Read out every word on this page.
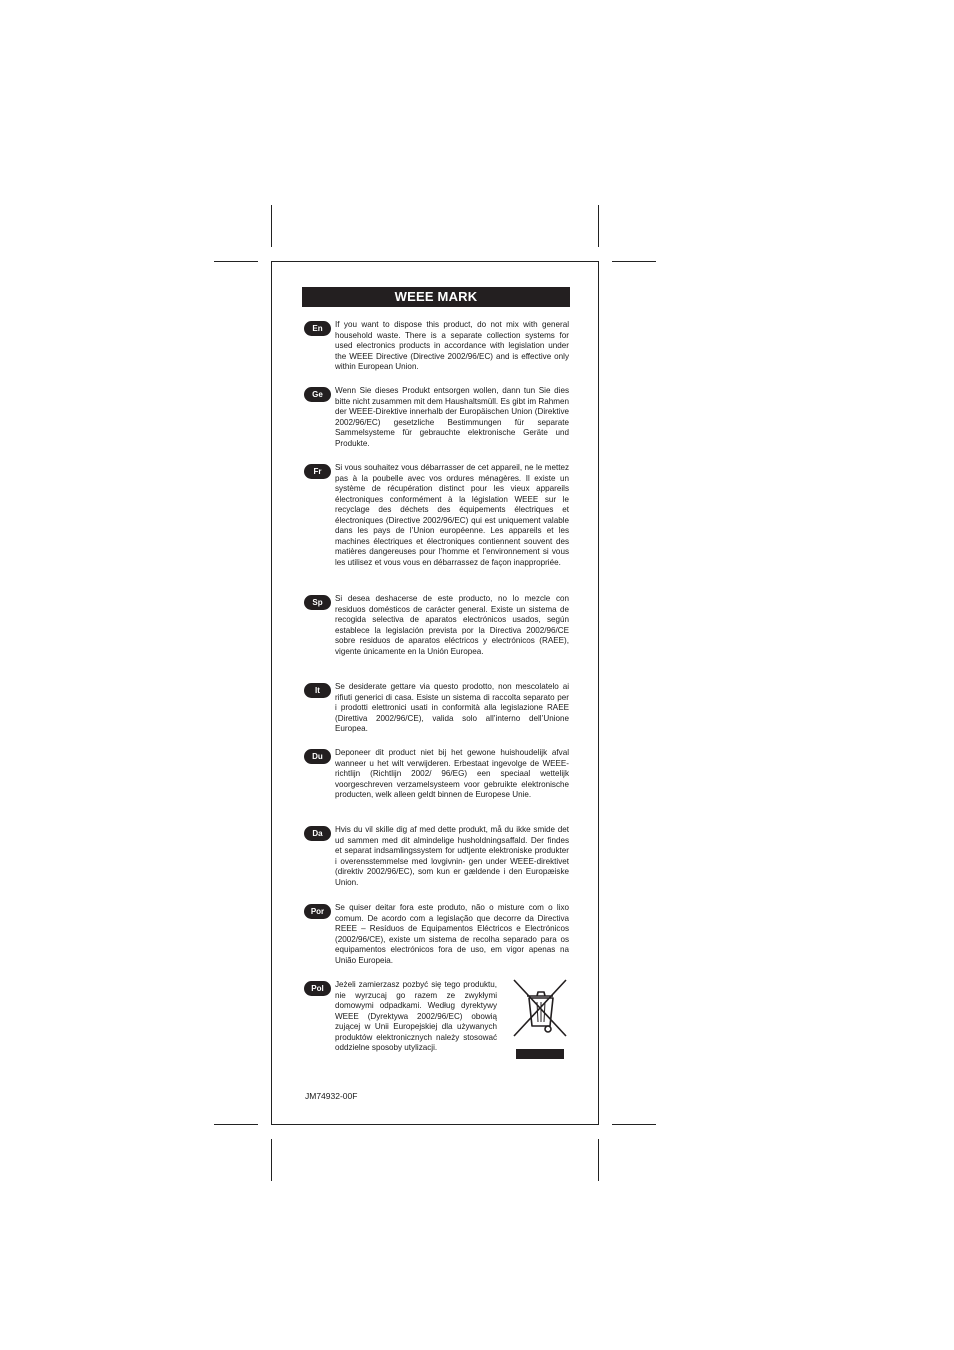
WEEE MARK
En	If you want to dispose this product, do not mix with general household waste. There is a separate collection systems for used electronics products in accordance with legislation under the WEEE Directive (Directive 2002/96/EC) and is effective only within European Union.

Ge	Wenn Sie dieses Produkt entsorgen wollen, dann tun Sie dies bitte nicht zusammen mit dem Haushaltsmüll. Es gibt im Rahmen der WEEE-Direktive innerhalb der Europäischen Union (Direktive 2002/96/EC) gesetzliche Bestimmungen für separate Sammelsysteme für gebrauchte elektronische Geräte und Produkte.

Fr	Si vous souhaitez vous débarrasser de cet appareil, ne le mettez pas à la poubelle avec vos ordures ménagères. Il existe un système de récupération distinct pour les vieux appareils électroniques conformément à la législation WEEE sur le recyclage des déchets des équipements électriques et électroniques (Directive 2002/96/EC) qui est uniquement valable dans les pays de l’Union européenne. Les appareils et les machines électriques et électroniques contiennent souvent des matières dangereuses pour l’homme et l’environnement si vous les utilisez et vous vous en débarrassez de façon inappropriée.

Sp	Si desea deshacerse de este producto, no lo mezcle con residuos domésticos de carácter general. Existe un sistema de recogida selectiva de aparatos electrónicos usados, según establece la legislación prevista por la Directiva 2002/96/CE sobre residuos de aparatos eléctricos y electrónicos (RAEE), vigente únicamente en la Unión Europea.

It	Se desiderate gettare via questo prodotto, non mescolatelo ai rifiuti generici di casa. Esiste un sistema di raccolta separato per i prodotti elettronici usati in conformità alla legislazione RAEE (Direttiva 2002/96/CE), valida solo all’interno dell’Unione Europea.

Du	Deponeer dit product niet bij het gewone huishoudelijk afval wanneer u het wilt verwijderen. Erbestaat ingevolge de WEEE-richtlijn (Richtlijn 2002/ 96/EG) een speciaal wettelijk voorgeschreven verzamelsysteem voor gebruikte elektronische producten, welk alleen geldt binnen de Europese Unie.

Da	Hvis du vil skille dig af med dette produkt, må du ikke smide det ud sammen med dit almindelige husholdningsaffald. Der findes et separat indsamlingssystem for udtjente elektroniske produkter i overensstemmelse med lovgivnin- gen under WEEE-direktivet (direktiv 2002/96/EC), som kun er gældende i den Europæiske Union.

Por	Se quiser deitar fora este produto, não o misture com o lixo comum. De acordo com a legislação que decorre da Directiva REEE – Resíduos de Equipamentos Eléctricos e Electrónicos (2002/96/CE), existe um sistema de recolha separado para os equipamentos electrónicos fora de uso, em vigor apenas na União Europeia.

Pol	Jeżeli zamierzasz pozbyć się tego produktu, nie wyrzucaj go razem ze zwykłymi domowymi odpadkami. Według dyrektywy WEEE (Dyrektywa 2002/96/EC) obowią zującej w Unii Europejskiej dla używanych produktów elektronicznych należy stosować oddzielne sposoby utylizacji.

JM74932-00F
